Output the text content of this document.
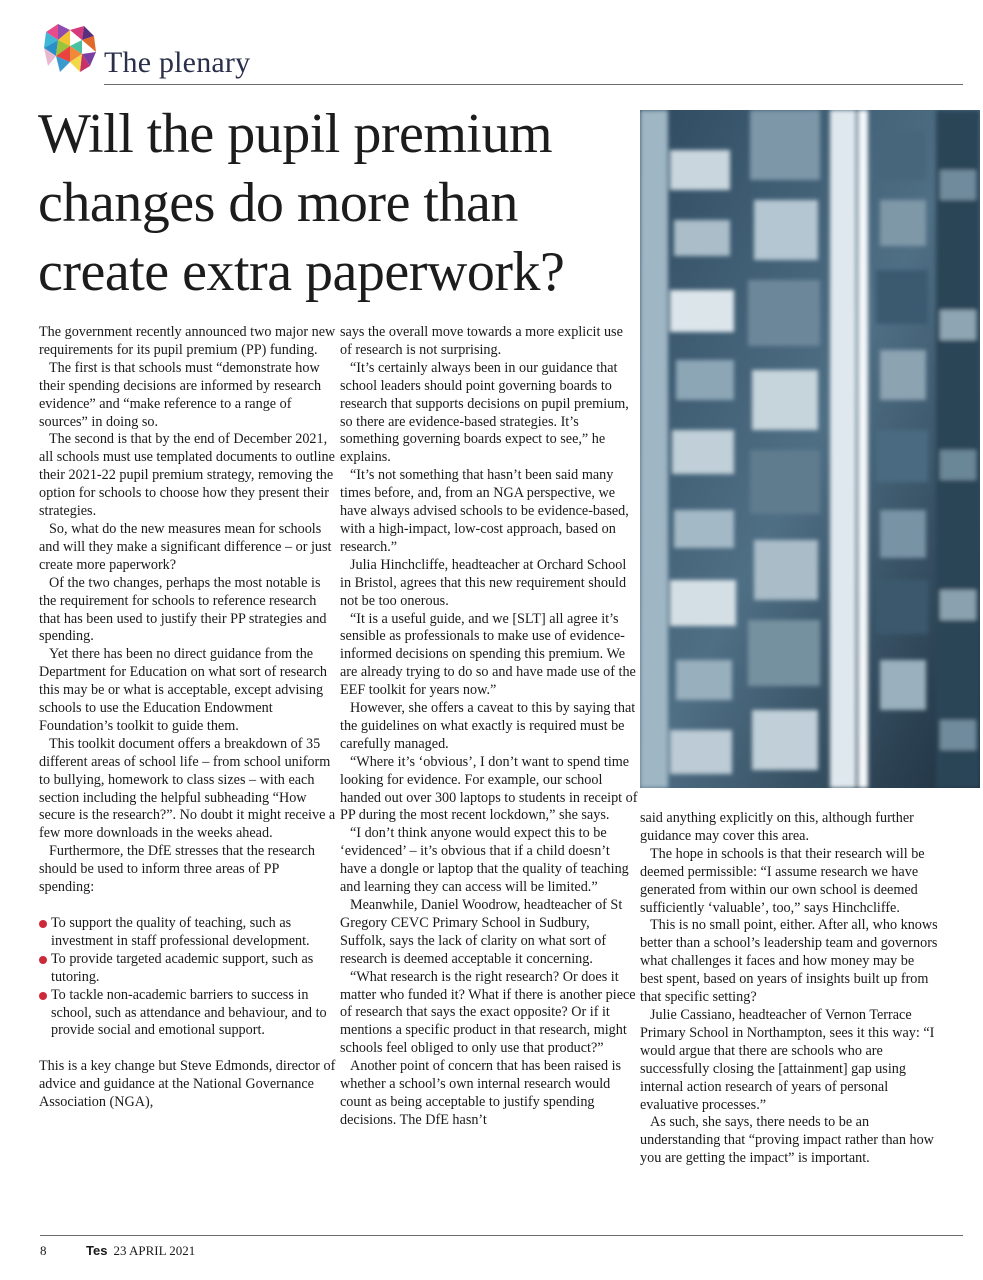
The plenary
Will the pupil premium changes do more than create extra paperwork?

The government recently announced two major new requirements for its pupil premium (PP) funding.

The first is that schools must “demonstrate how their spending decisions are informed by research evidence” and “make reference to a range of sources” in doing so.

The second is that by the end of December 2021, all schools must use templated documents to outline their 2021-22 pupil premium strategy, removing the option for schools to choose how they present their strategies.

So, what do the new measures mean for schools and will they make a significant difference – or just create more paperwork?

Of the two changes, perhaps the most notable is the requirement for schools to reference research that has been used to justify their PP strategies and spending.

Yet there has been no direct guidance from the Department for Education on what sort of research this may be or what is acceptable, except advising schools to use the Education Endowment Foundation’s toolkit to guide them.

This toolkit document offers a breakdown of 35 different areas of school life – from school uniform to bullying, homework to class sizes – with each section including the helpful subheading “How secure is the research?”. No doubt it might receive a few more downloads in the weeks ahead.

Furthermore, the DfE stresses that the research should be used to inform three areas of PP spending:

To support the quality of teaching, such as investment in staff professional development.
To provide targeted academic support, such as tutoring.
To tackle non-academic barriers to success in school, such as attendance and behaviour, and to provide social and emotional support.

This is a key change but Steve Edmonds, director of advice and guidance at the National Governance Association (NGA),

says the overall move towards a more explicit use of research is not surprising.

“It’s certainly always been in our guidance that school leaders should point governing boards to research that supports decisions on pupil premium, so there are evidence-based strategies. It’s something governing boards expect to see,” he explains.

“It’s not something that hasn’t been said many times before, and, from an NGA perspective, we have always advised schools to be evidence-based, with a high-impact, low-cost approach, based on research.”

Julia Hinchcliffe, headteacher at Orchard School in Bristol, agrees that this new requirement should not be too onerous.

“It is a useful guide, and we [SLT] all agree it’s sensible as professionals to make use of evidence-informed decisions on spending this premium. We are already trying to do so and have made use of the EEF toolkit for years now.”

However, she offers a caveat to this by saying that the guidelines on what exactly is required must be carefully managed.

“Where it’s ‘obvious’, I don’t want to spend time looking for evidence. For example, our school handed out over 300 laptops to students in receipt of PP during the most recent lockdown,” she says.

“I don’t think anyone would expect this to be ‘evidenced’ – it’s obvious that if a child doesn’t have a dongle or laptop that the quality of teaching and learning they can access will be limited.”

Meanwhile, Daniel Woodrow, headteacher of St Gregory CEVC Primary School in Sudbury, Suffolk, says the lack of clarity on what sort of research is deemed acceptable it concerning.

“What research is the right research? Or does it matter who funded it? What if there is another piece of research that says the exact opposite? Or if it mentions a specific product in that research, might schools feel obliged to only use that product?”

Another point of concern that has been raised is whether a school’s own internal research would count as being acceptable to justify spending decisions. The DfE hasn’t

said anything explicitly on this, although further guidance may cover this area.

The hope in schools is that their research will be deemed permissible: “I assume research we have generated from within our own school is deemed sufficiently ‘valuable’, too,” says Hinchcliffe.

This is no small point, either. After all, who knows better than a school’s leadership team and governors what challenges it faces and how money may be best spent, based on years of insights built up from that specific setting?

Julie Cassiano, headteacher of Vernon Terrace Primary School in Northampton, sees it this way: “I would argue that there are schools who are successfully closing the [attainment] gap using internal action research of years of personal evaluative processes.”

As such, she says, there needs to be an understanding that “proving impact rather than how you are getting the impact” is important.

8	Tes 23 APRIL 2021
